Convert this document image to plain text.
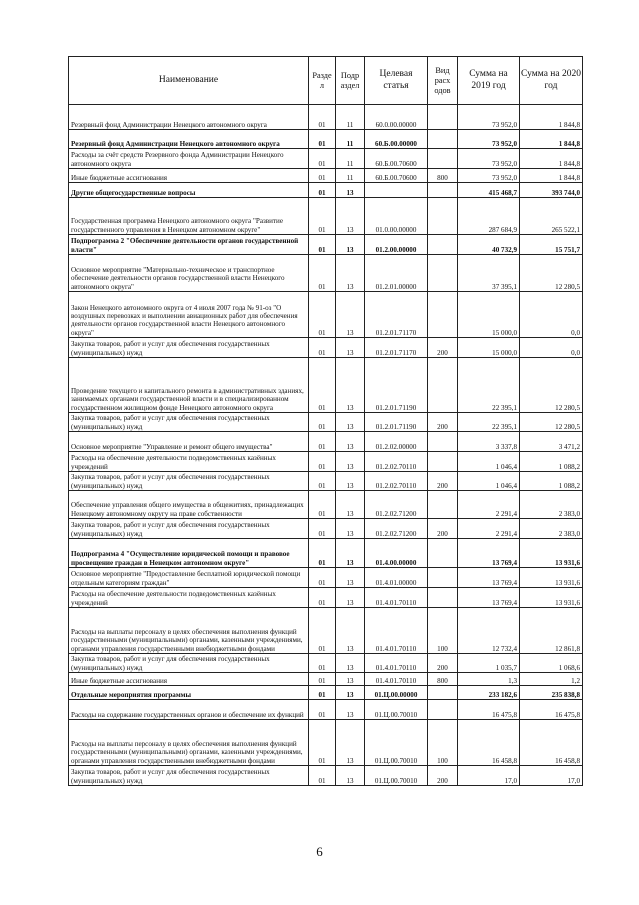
Наименование	Разде л	Подр аздел	Целевая статья	Вид расх одов	Сумма на 2019 год	Сумма на 2020 год
Резервный фонд Администрации Ненецкого автономного округа	01	11	60.0.00.00000		73 952,0	1 844,8
Резервный фонд Администрации Ненецкого автономного округа	01	11	60.Б.00.00000		73 952,0	1 844,8
Расходы за счёт средств Резервного фонда Администрации Ненецкого автономного округа	01	11	60.Б.00.70600		73 952,0	1 844,8
Иные бюджетные ассигнования	01	11	60.Б.00.70600	800	73 952,0	1 844,8
Другие общегосударственные вопросы	01	13			415 468,7	393 744,0
Государственная программа Ненецкого автономного округа "Развитие государственного управления в Ненецком автономном округе"	01	13	01.0.00.00000		287 684,9	265 522,1
Подпрограмма 2 "Обеспечение деятельности органов государственной власти"	01	13	01.2.00.00000		40 732,9	15 751,7
Основное мероприятие "Материально-техническое и транспортное обеспечение деятельности органов государственной власти Ненецкого автономного округа"	01	13	01.2.01.00000		37 395,1	12 280,5
Закон Ненецкого автономного округа от 4 июля 2007 года № 91-оз "О воздушных перевозках и выполнении авиационных работ для обеспечения деятельности органов государственной власти Ненецкого автономного округа"	01	13	01.2.01.71170		15 000,0	0,0
Закупка товаров, работ и услуг для обеспечения государственных (муниципальных) нужд	01	13	01.2.01.71170	200	15 000,0	0,0
Проведение текущего и капитального ремонта в административных зданиях, занимаемых органами государственной власти и в специализированном государственном жилищном фонде Ненецкого автономного округа	01	13	01.2.01.71190		22 395,1	12 280,5
Закупка товаров, работ и услуг для обеспечения государственных (муниципальных) нужд	01	13	01.2.01.71190	200	22 395,1	12 280,5
Основное мероприятие "Управление и ремонт общего имущества"	01	13	01.2.02.00000		3 337,8	3 471,2
Расходы на обеспечение деятельности подведомственных казённых учреждений	01	13	01.2.02.70110		1 046,4	1 088,2
Закупка товаров, работ и услуг для обеспечения государственных (муниципальных) нужд	01	13	01.2.02.70110	200	1 046,4	1 088,2
Обеспечение управления общего имущества в общежитиях, принадлежащих Ненецкому автономному округу на праве собственности	01	13	01.2.02.71200		2 291,4	2 383,0
Закупка товаров, работ и услуг для обеспечения государственных (муниципальных) нужд	01	13	01.2.02.71200	200	2 291,4	2 383,0
Подпрограмма 4 "Осуществление юридической помощи и правовое просвещение граждан в Ненецком автономном округе"	01	13	01.4.00.00000		13 769,4	13 931,6
Основное мероприятие "Предоставление бесплатной юридической помощи отдельным категориям граждан"	01	13	01.4.01.00000		13 769,4	13 931,6
Расходы на обеспечение деятельности подведомственных казённых учреждений	01	13	01.4.01.70110		13 769,4	13 931,6
Расходы на выплаты персоналу в целях обеспечения выполнения функций государственными (муниципальными) органами, казенными учреждениями, органами управления государственными внебюджетными фондами	01	13	01.4.01.70110	100	12 732,4	12 861,8
Закупка товаров, работ и услуг для обеспечения государственных (муниципальных) нужд	01	13	01.4.01.70110	200	1 035,7	1 068,6
Иные бюджетные ассигнования	01	13	01.4.01.70110	800	1,3	1,2
Отдельные мероприятия программы	01	13	01.Ц.00.00000		233 182,6	235 838,8
Расходы на содержание государственных органов и обеспечение их функций	01	13	01.Ц.00.70010		16 475,8	16 475,8
Расходы на выплаты персоналу в целях обеспечения выполнения функций государственными (муниципальными) органами, казенными учреждениями, органами управления государственными внебюджетными фондами	01	13	01.Ц.00.70010	100	16 458,8	16 458,8
Закупка товаров, работ и услуг для обеспечения государственных (муниципальных) нужд	01	13	01.Ц.00.70010	200	17,0	17,0
6
